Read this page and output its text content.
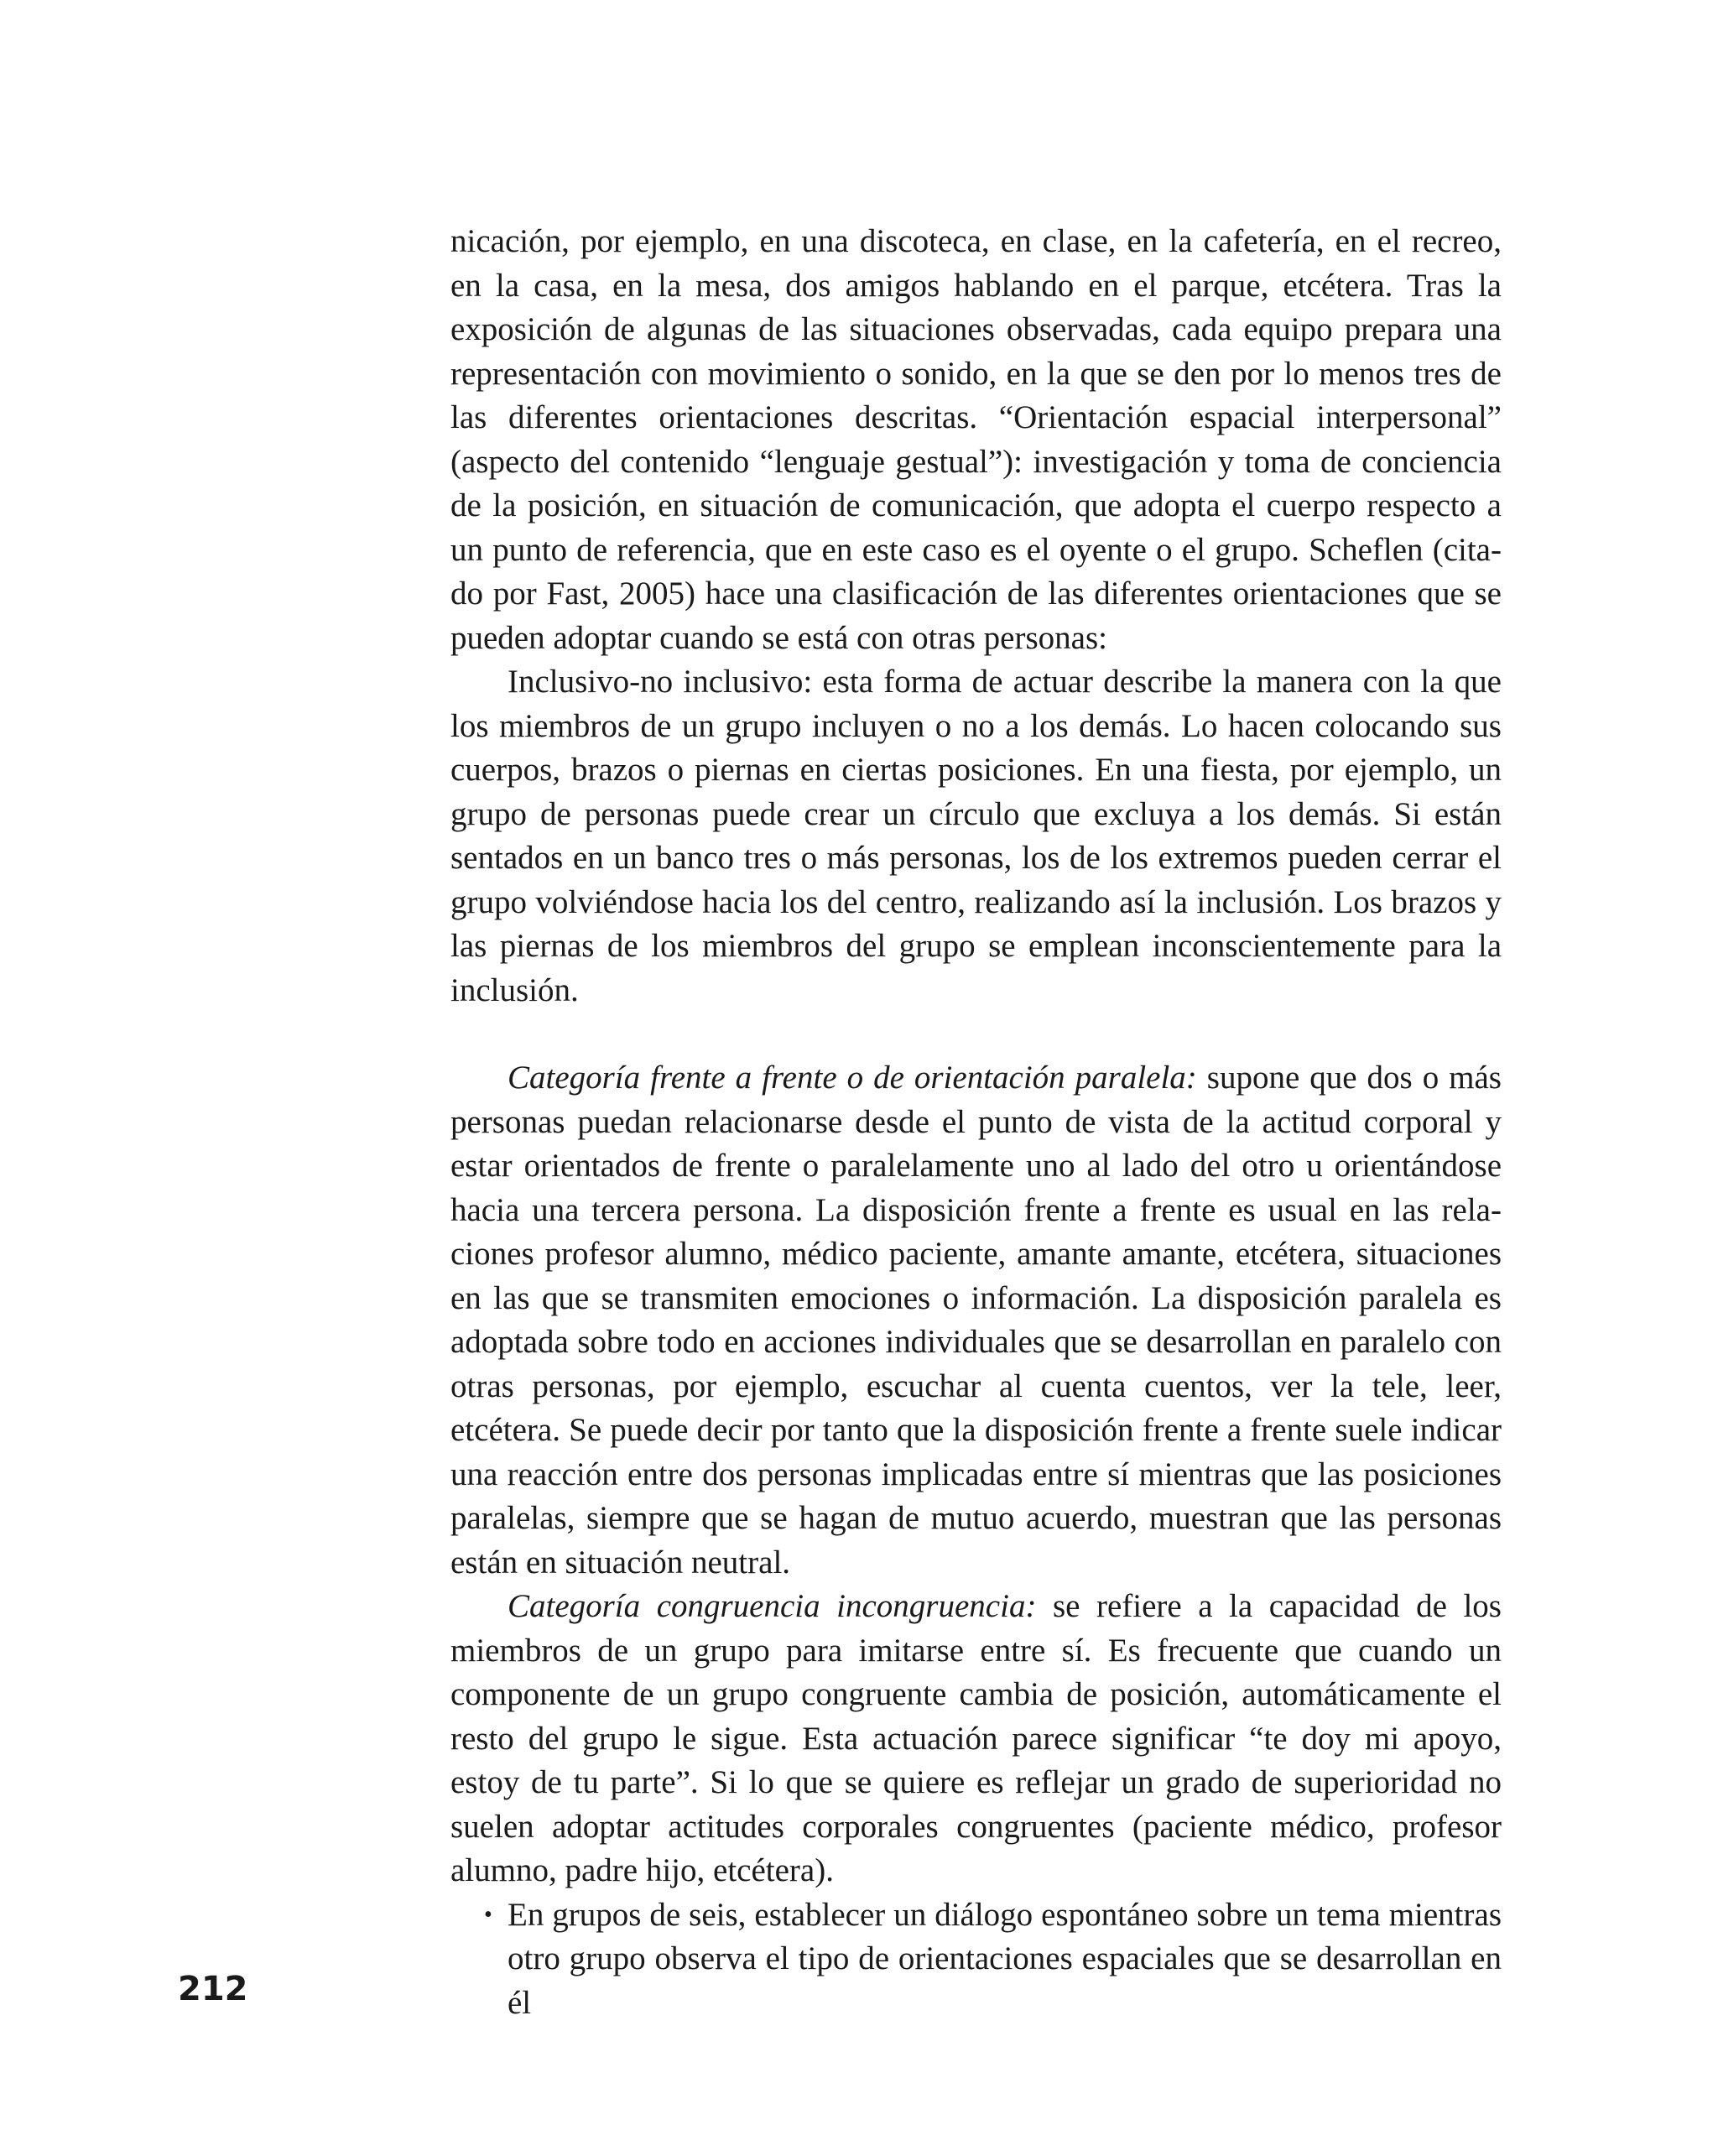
nicación, por ejemplo, en una discoteca, en clase, en la cafetería, en el recreo, en la casa, en la mesa, dos amigos hablando en el parque, etcétera. Tras la exposición de algunas de las situaciones observadas, cada equipo prepara una representación con movimiento o sonido, en la que se den por lo menos tres de las diferentes orientaciones descritas. “Orientación espacial interpersonal” (aspecto del contenido “lenguaje gestual”): investigación y toma de conciencia de la posición, en situación de comunicación, que adopta el cuerpo respecto a un punto de referencia, que en este caso es el oyente o el grupo. Scheflen (citado por Fast, 2005) hace una clasificación de las diferentes orientaciones que se pueden adoptar cuando se está con otras personas:

Inclusivo-no inclusivo: esta forma de actuar describe la manera con la que los miembros de un grupo incluyen o no a los demás. Lo hacen colocando sus cuerpos, brazos o piernas en ciertas posiciones. En una fiesta, por ejemplo, un grupo de personas puede crear un círculo que excluya a los demás. Si están sentados en un banco tres o más personas, los de los extremos pueden cerrar el grupo volviéndose hacia los del centro, realizando así la inclusión. Los brazos y las piernas de los miembros del grupo se emplean inconscientemente para la inclusión.

Categoría frente a frente o de orientación paralela: supone que dos o más personas puedan relacionarse desde el punto de vista de la actitud corporal y estar orientados de frente o paralelamente uno al lado del otro u orientándose hacia una tercera persona. La disposición frente a frente es usual en las relaciones profesor alumno, médico paciente, amante amante, etcétera, situaciones en las que se transmiten emociones o información. La disposición paralela es adoptada sobre todo en acciones individuales que se desarrollan en paralelo con otras personas, por ejemplo, escuchar al cuenta cuentos, ver la tele, leer, etcétera. Se puede decir por tanto que la disposición frente a frente suele indicar una reacción entre dos personas implicadas entre sí mientras que las posiciones paralelas, siempre que se hagan de mutuo acuerdo, muestran que las personas están en situación neutral.

Categoría congruencia incongruencia: se refiere a la capacidad de los miembros de un grupo para imitarse entre sí. Es frecuente que cuando un componente de un grupo congruente cambia de posición, automáticamente el resto del grupo le sigue. Esta actuación parece significar “te doy mi apoyo, estoy de tu parte”. Si lo que se quiere es reflejar un grado de superioridad no suelen adoptar actitudes corporales congruentes (paciente médico, profesor alumno, padre hijo, etcétera).

• En grupos de seis, establecer un diálogo espontáneo sobre un tema mientras otro grupo observa el tipo de orientaciones espaciales que se desarrollan en él
212
